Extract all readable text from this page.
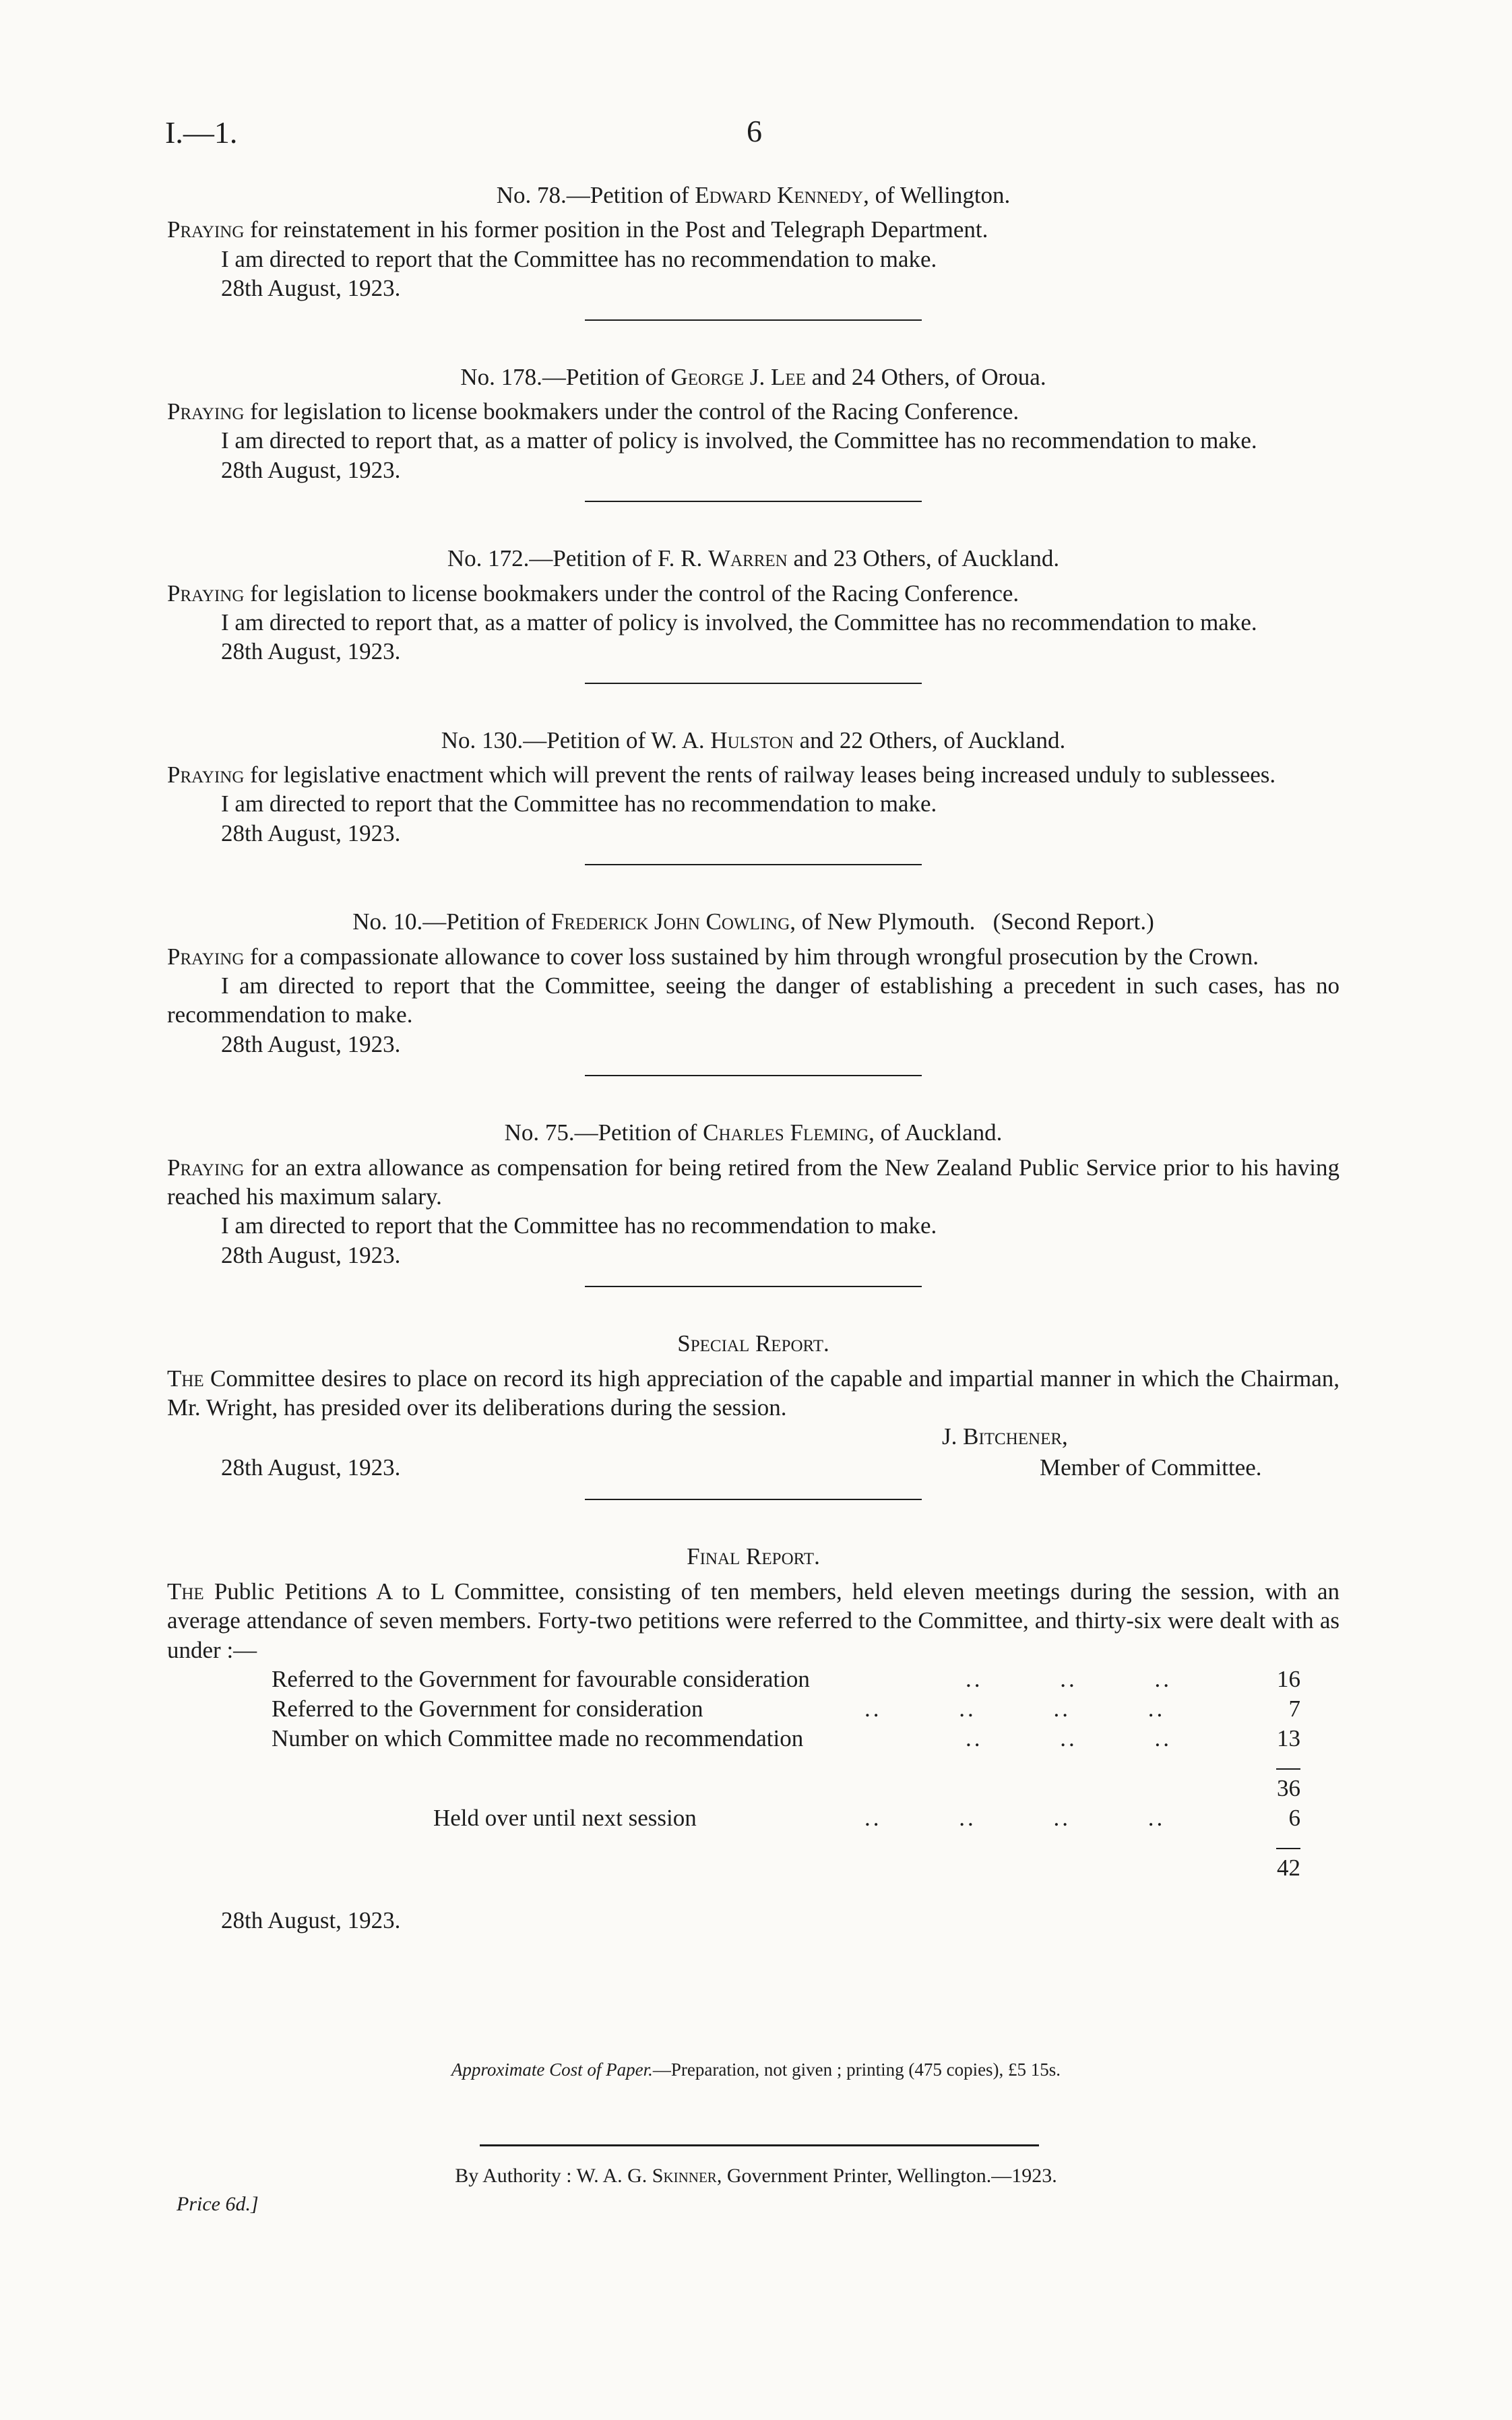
I.—1.	6

No. 78.—Petition of Edward Kennedy, of Wellington.

Praying for reinstatement in his former position in the Post and Telegraph Department.

I am directed to report that the Committee has no recommendation to make.

28th August, 1923.

No. 178.—Petition of George J. Lee and 24 Others, of Oroua.

Praying for legislation to license bookmakers under the control of the Racing Conference.

I am directed to report that, as a matter of policy is involved, the Committee has no recommendation to make.

28th August, 1923.

No. 172.—Petition of F. R. Warren and 23 Others, of Auckland.

Praying for legislation to license bookmakers under the control of the Racing Conference.

I am directed to report that, as a matter of policy is involved, the Committee has no recommendation to make.

28th August, 1923.

No. 130.—Petition of W. A. Hulston and 22 Others, of Auckland.

Praying for legislative enactment which will prevent the rents of railway leases being increased unduly to sublessees.

I am directed to report that the Committee has no recommendation to make.

28th August, 1923.

No. 10.—Petition of Frederick John Cowling, of New Plymouth.   (Second Report.)

Praying for a compassionate allowance to cover loss sustained by him through wrongful prosecution by the Crown.

I am directed to report that the Committee, seeing the danger of establishing a precedent in such cases, has no recommendation to make.

28th August, 1923.

No. 75.—Petition of Charles Fleming, of Auckland.

Praying for an extra allowance as compensation for being retired from the New Zealand Public Service prior to his having reached his maximum salary.

I am directed to report that the Committee has no recommendation to make.

28th August, 1923.

Special Report.

The Committee desires to place on record its high appreciation of the capable and impartial manner in which the Chairman, Mr. Wright, has presided over its deliberations during the session.

J. Bitchener,
28th August, 1923.	Member of Committee.

Final Report.

The Public Petitions A to L Committee, consisting of ten members, held eleven meetings during the session, with an average attendance of seven members. Forty-two petitions were referred to the Committee, and thirty-six were dealt with as under :—

Referred to the Government for favourable consideration	..         ..         ..	16
Referred to the Government for consideration	..         ..         ..         ..	7
Number on which Committee made no recommendation	..         ..         ..	13
36
Held over until next session	..         ..         ..         ..	6
42

28th August, 1923.

Approximate Cost of Paper.—Preparation, not given ; printing (475 copies), £5 15s.
By Authority : W. A. G. Skinner, Government Printer, Wellington.—1923.
Price 6d.]
